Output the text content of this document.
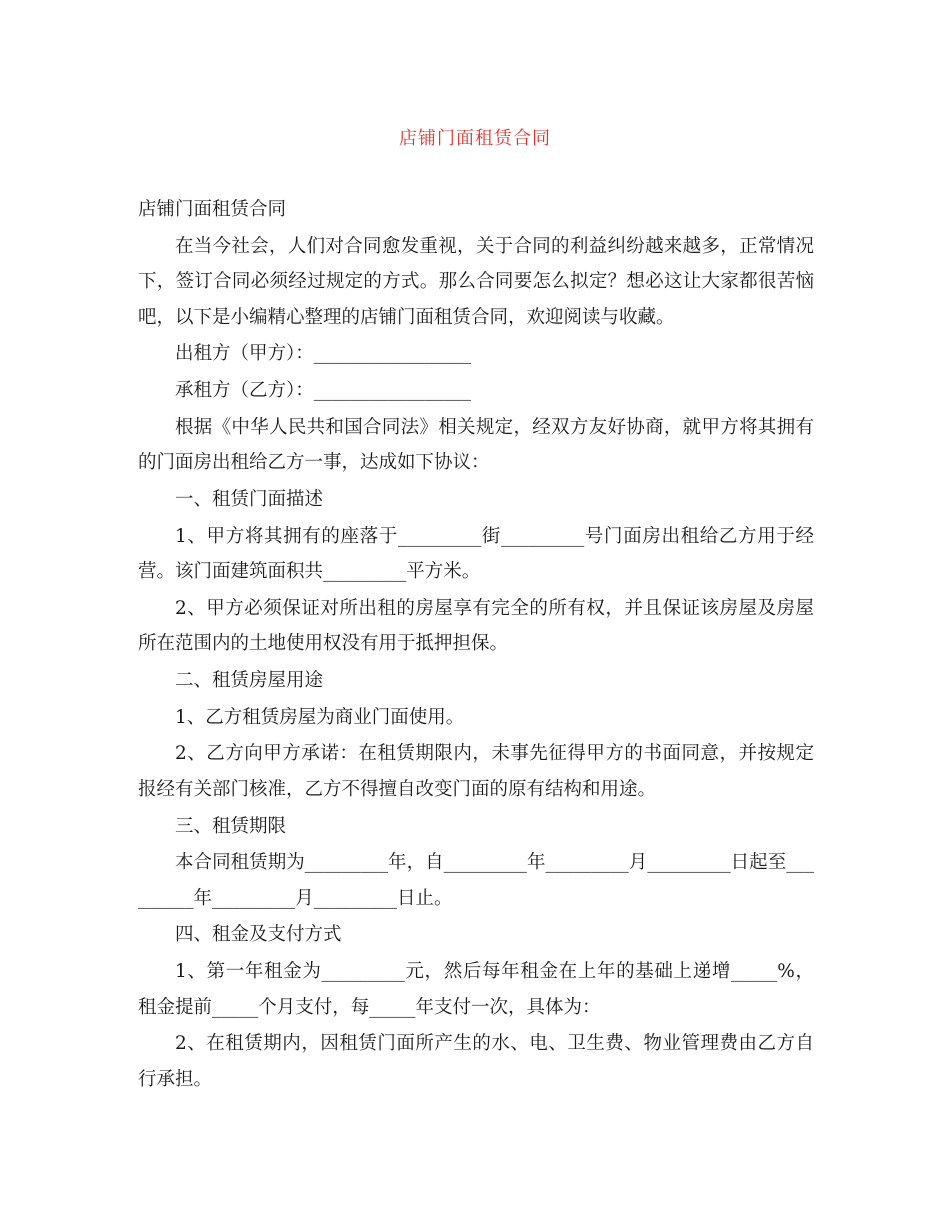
店铺门面租赁合同

店铺门面租赁合同

在当今社会，人们对合同愈发重视，关于合同的利益纠纷越来越多，正常情况下，签订合同必须经过规定的方式。那么合同要怎么拟定？想必这让大家都很苦恼吧，以下是小编精心整理的店铺门面租赁合同，欢迎阅读与收藏。

出租方（甲方）：_________________

承租方（乙方）：_________________

根据《中华人民共和国合同法》相关规定，经双方友好协商，就甲方将其拥有的门面房出租给乙方一事，达成如下协议：

一、租赁门面描述

1、甲方将其拥有的座落于_________街_________号门面房出租给乙方用于经营。该门面建筑面积共_________平方米。

2、甲方必须保证对所出租的房屋享有完全的所有权，并且保证该房屋及房屋所在范围内的土地使用权没有用于抵押担保。

二、租赁房屋用途

1、乙方租赁房屋为商业门面使用。

2、乙方向甲方承诺：在租赁期限内，未事先征得甲方的书面同意，并按规定报经有关部门核准，乙方不得擅自改变门面的原有结构和用途。

三、租赁期限

本合同租赁期为_________年，自_________年_________月_________日起至_________年_________月_________日止。

四、租金及支付方式

1、第一年租金为_________元，然后每年租金在上年的基础上递增_____%，租金提前_____个月支付，每_____年支付一次，具体为：

2、在租赁期内，因租赁门面所产生的水、电、卫生费、物业管理费由乙方自行承担。
